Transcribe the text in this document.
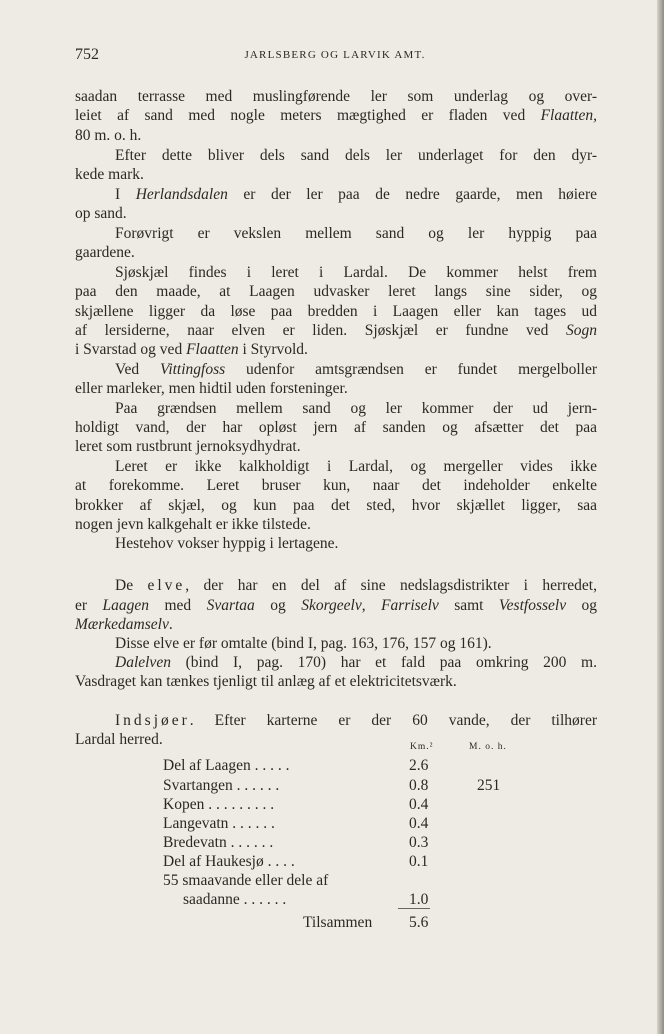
752	JARLSBERG OG LARVIK AMT.
saadan terrasse med muslingførende ler som underlag og over-
leiet af sand med nogle meters mægtighed er fladen ved Flaatten,
80 m. o. h.
Efter dette bliver dels sand dels ler underlaget for den dyr-
kede mark.
I Herlandsdalen er der ler paa de nedre gaarde, men høiere
op sand.
Forøvrigt er vekslen mellem sand og ler hyppig paa
gaardene.
Sjøskjæl findes i leret i Lardal. De kommer helst frem
paa den maade, at Laagen udvasker leret langs sine sider, og
skjællene ligger da løse paa bredden i Laagen eller kan tages ud
af lersiderne, naar elven er liden. Sjøskjæl er fundne ved Sogn
i Svarstad og ved Flaatten i Styrvold.
Ved Vittingfoss udenfor amtsgrændsen er fundet mergelboller
eller marleker, men hidtil uden forsteninger.
Paa grændsen mellem sand og ler kommer der ud jern-
holdigt vand, der har opløst jern af sanden og afsætter det paa
leret som rustbrunt jernoksydhydrat.
Leret er ikke kalkholdigt i Lardal, og mergeller vides ikke
at forekomme. Leret bruser kun, naar det indeholder enkelte
brokker af skjæl, og kun paa det sted, hvor skjællet ligger, saa
nogen jevn kalkgehalt er ikke tilstede.
Hestehov vokser hyppig i lertagene.
De elve, der har en del af sine nedslagsdistrikter i herredet,
er Laagen med Svartaa og Skorgeelv, Farriselv samt Vestfosselv og
Mærkedamselv.
Disse elve er før omtalte (bind I, pag. 163, 176, 157 og 161).
Dalelven (bind I, pag. 170) har et fald paa omkring 200 m.
Vasdraget kan tænkes tjenligt til anlæg af et elektricitetsværk.
Indsjøer. Efter karterne er der 60 vande, der tilhører
Lardal herred.	Km.²	M. o. h.
Del af Laagen . . . . .	2.6
Svartangen . . . . . .	0.8	251
Kopen . . . . . . . . .	0.4
Langevatn . . . . . .	0.4
Bredevatn . . . . . .	0.3
Del af Haukesjø . . . .	0.1
55 smaavande eller dele af
saadanne . . . . . .	1.0
Tilsammen 5.6
